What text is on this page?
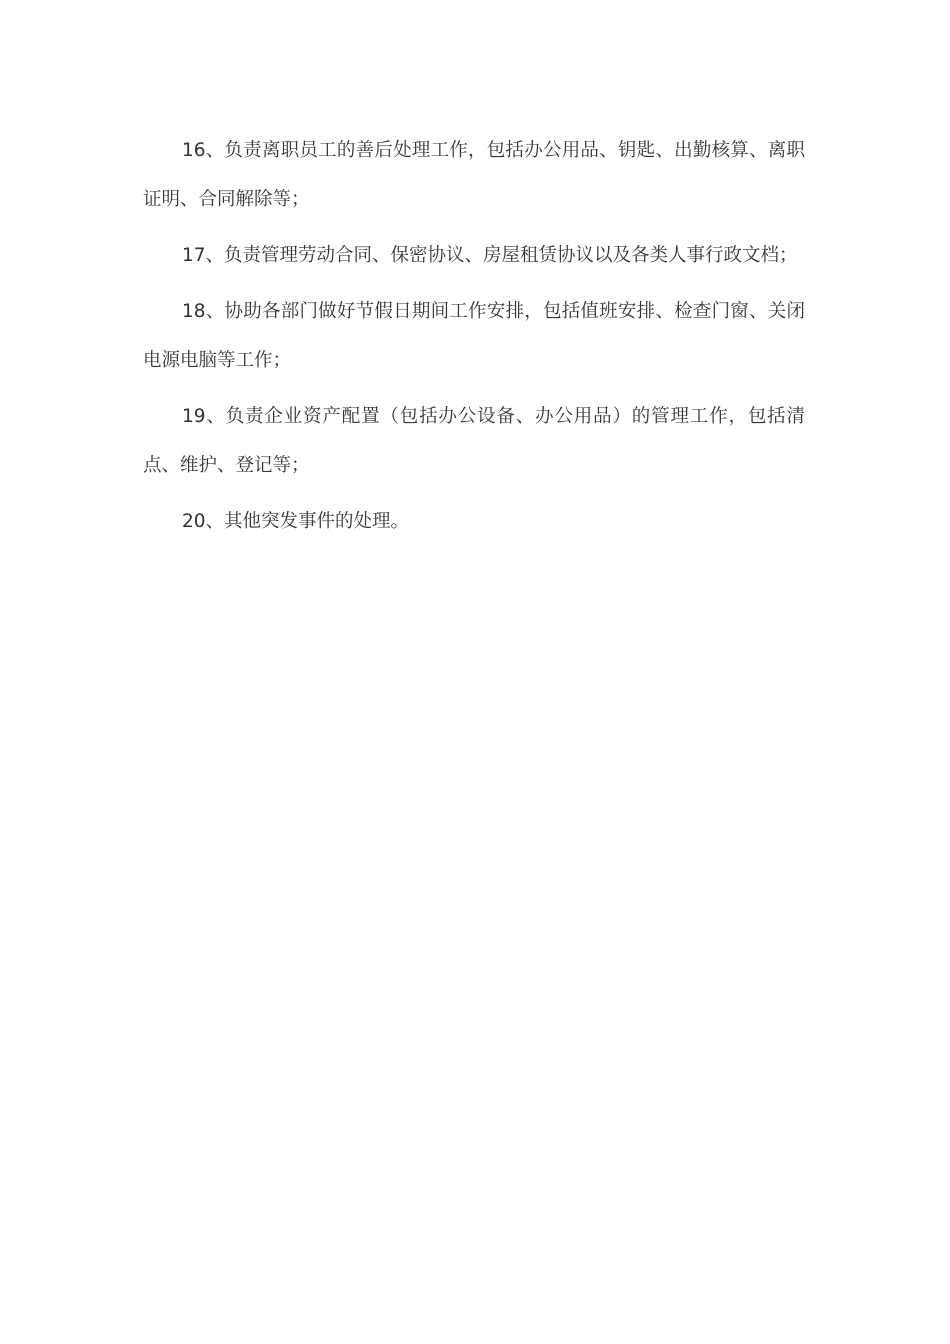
16、负责离职员工的善后处理工作，包括办公用品、钥匙、出勤核算、离职证明、合同解除等；

17、负责管理劳动合同、保密协议、房屋租赁协议以及各类人事行政文档；

18、协助各部门做好节假日期间工作安排，包括值班安排、检查门窗、关闭电源电脑等工作；

19、负责企业资产配置（包括办公设备、办公用品）的管理工作，包括清点、维护、登记等；

20、其他突发事件的处理。
